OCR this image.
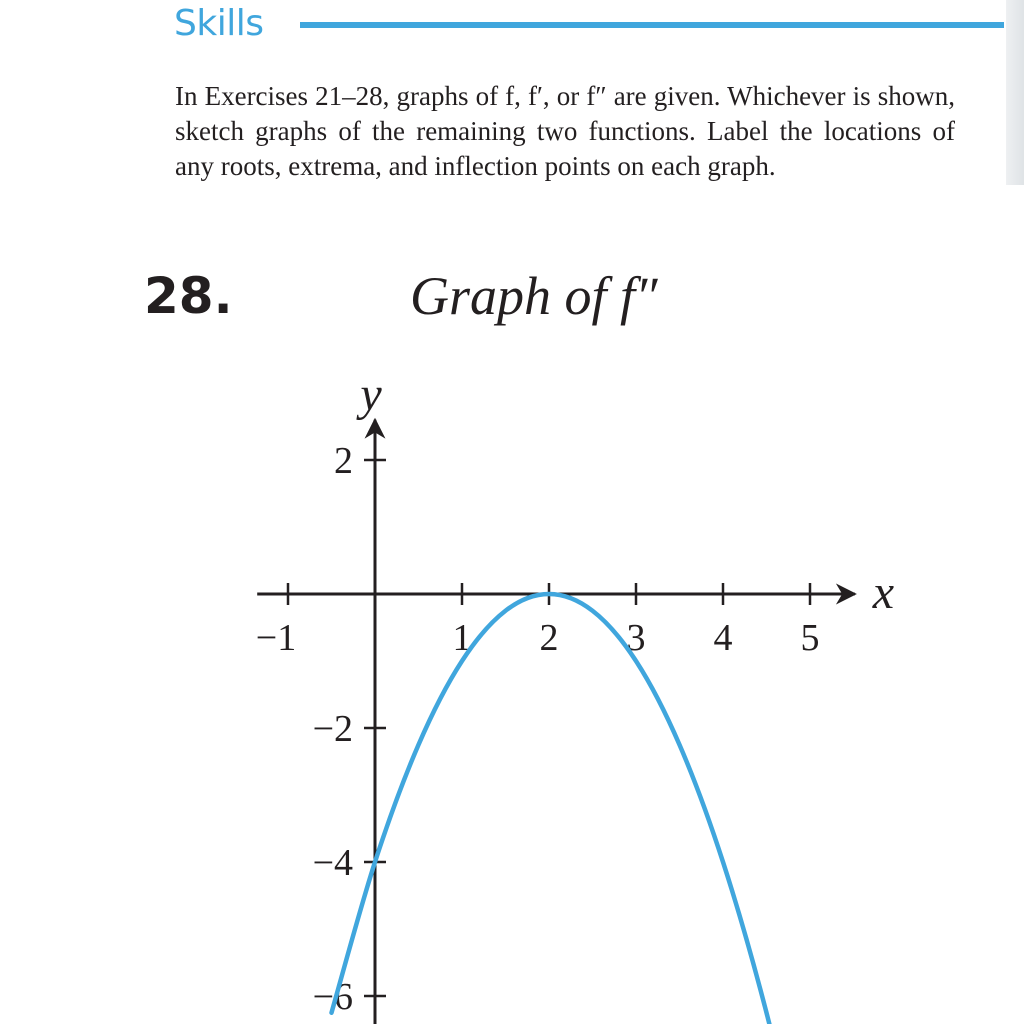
Skills

In Exercises 21–28, graphs of f, f′, or f″ are given. Whichever is shown, sketch graphs of the remaining two functions. Label the locations of any roots, extrema, and inflection points on each graph.

28.	Graph of f″
−1	1 2 3 4 5
2
−2
−4
−6
x
y
